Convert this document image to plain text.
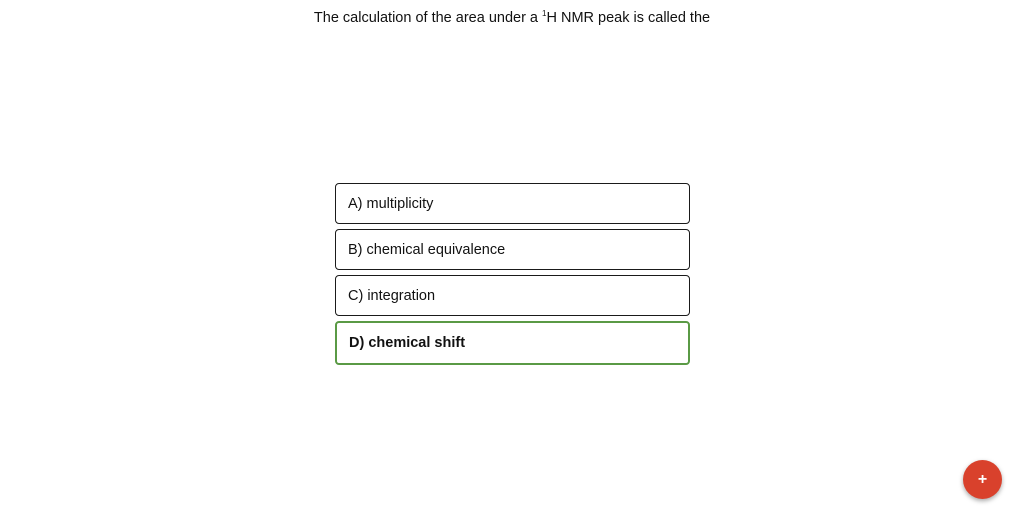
The calculation of the area under a $^1$H NMR peak is called the
A) multiplicity
B) chemical equivalence
C) integration
D) chemical shift
+
